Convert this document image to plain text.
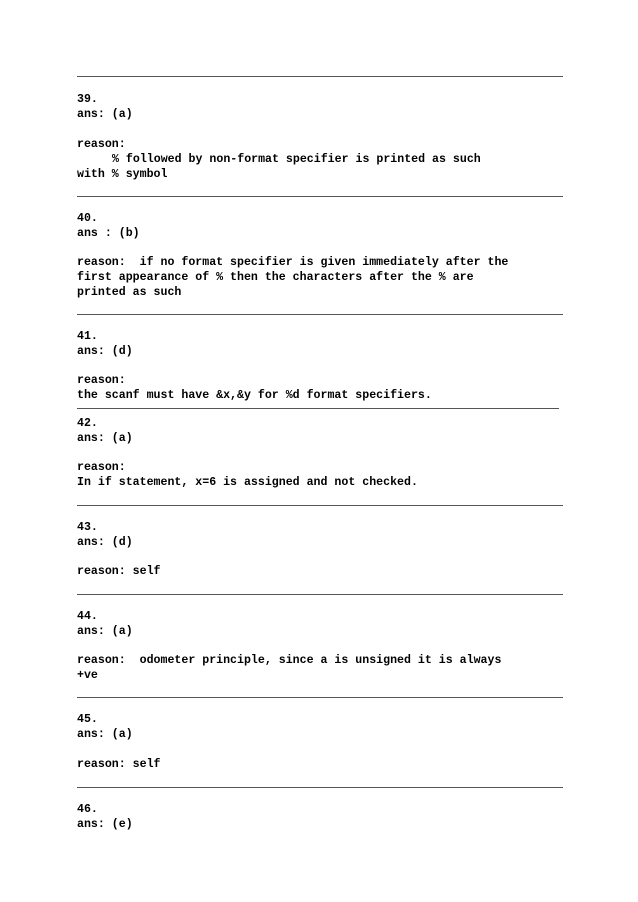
39.
ans: (a)
reason:
% followed by non-format specifier is printed as such
with % symbol
40.
ans : (b)
reason:  if no format specifier is given immediately after the
first appearance of % then the characters after the % are
printed as such
41.
ans: (d)
reason:
the scanf must have &x,&y for %d format specifiers.
42.
ans: (a)
reason:
In if statement, x=6 is assigned and not checked.
43.
ans: (d)
reason: self
44.
ans: (a)
reason:  odometer principle, since a is unsigned it is always
+ve
45.
ans: (a)
reason: self
46.
ans: (e)
